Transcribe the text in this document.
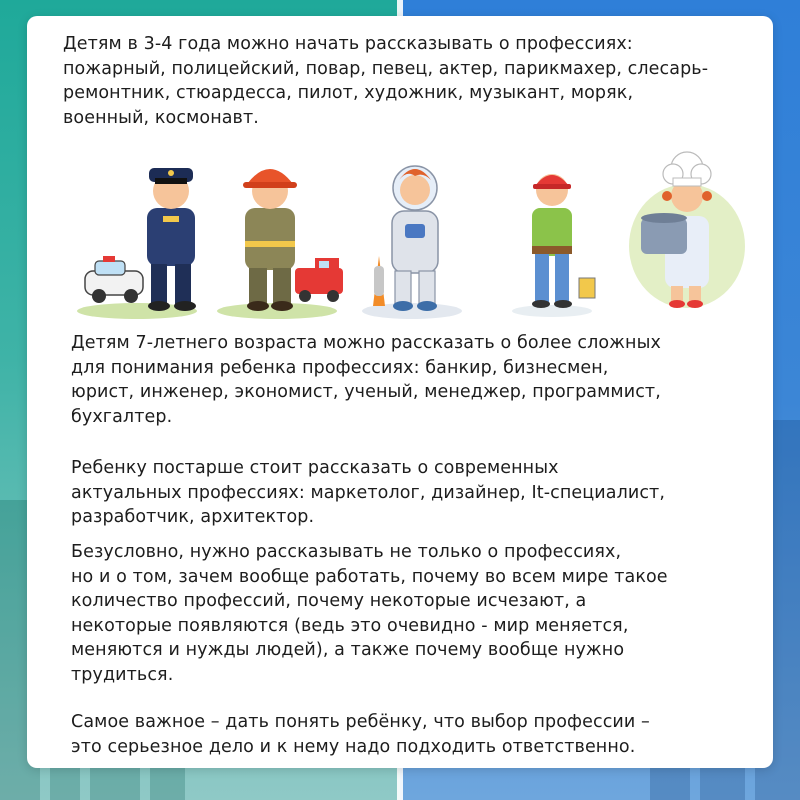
Детям в 3-4 года можно начать рассказывать о профессиях:
пожарный, полицейский, повар, певец, актер, парикмахер, слесарь-
ремонтник, стюардесса, пилот, художник, музыкант, моряк,
военный, космонавт.

Детям 7-летнего возраста можно рассказать о более сложных
для понимания ребенка профессиях: банкир, бизнесмен,
юрист, инженер, экономист, ученый, менеджер, программист,
бухгалтер.

Ребенку постарше стоит рассказать о современных
актуальных профессиях: маркетолог, дизайнер, It-специалист,
разработчик, архитектор.

Безусловно, нужно рассказывать не только о профессиях,
но и о том, зачем вообще работать, почему во всем мире такое
количество профессий, почему некоторые исчезают, а
некоторые появляются (ведь это очевидно - мир меняется,
меняются и нужды людей), а также почему вообще нужно
трудиться.

Самое важное – дать понять ребёнку, что выбор профессии –
это серьезное дело и к нему надо подходить ответственно.
